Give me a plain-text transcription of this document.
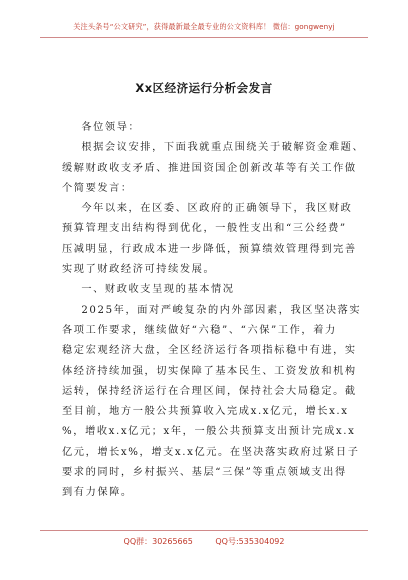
关注头条号“公文研究”，获得最新最全最专业的公文资料库！ 微信：gongwenyj
Xx区经济运行分析会发言
各位领导：
根据会议安排，下面我就重点围绕关于破解资金难题、
缓解财政收支矛盾、推进国资国企创新改革等有关工作做
个简要发言：
今年以来，在区委、区政府的正确领导下，我区财政
预算管理支出结构得到优化，一般性支出和“三公经费”
压减明显，行政成本进一步降低，预算绩效管理得到完善
实现了财政经济可持续发展。
一、财政收支呈现的基本情况
2025年，面对严峻复杂的内外部因素，我区坚决落实
各项工作要求，继续做好“六稳”、“六保”工作，着力
稳定宏观经济大盘，全区经济运行各项指标稳中有进，实
体经济持续加强，切实保障了基本民生、工资发放和机构
运转，保持经济运行在合理区间，保持社会大局稳定。截
至目前，地方一般公共预算收入完成x.x亿元，增长x.x
%，增收x.x亿元；x年，一般公共预算支出预计完成x.x
亿元，增长x%，增支x.x亿元。在坚决落实政府过紧日子
要求的同时，乡村振兴、基层“三保”等重点领域支出得
到有力保障。
QQ群：30265665	QQ号:535304092
